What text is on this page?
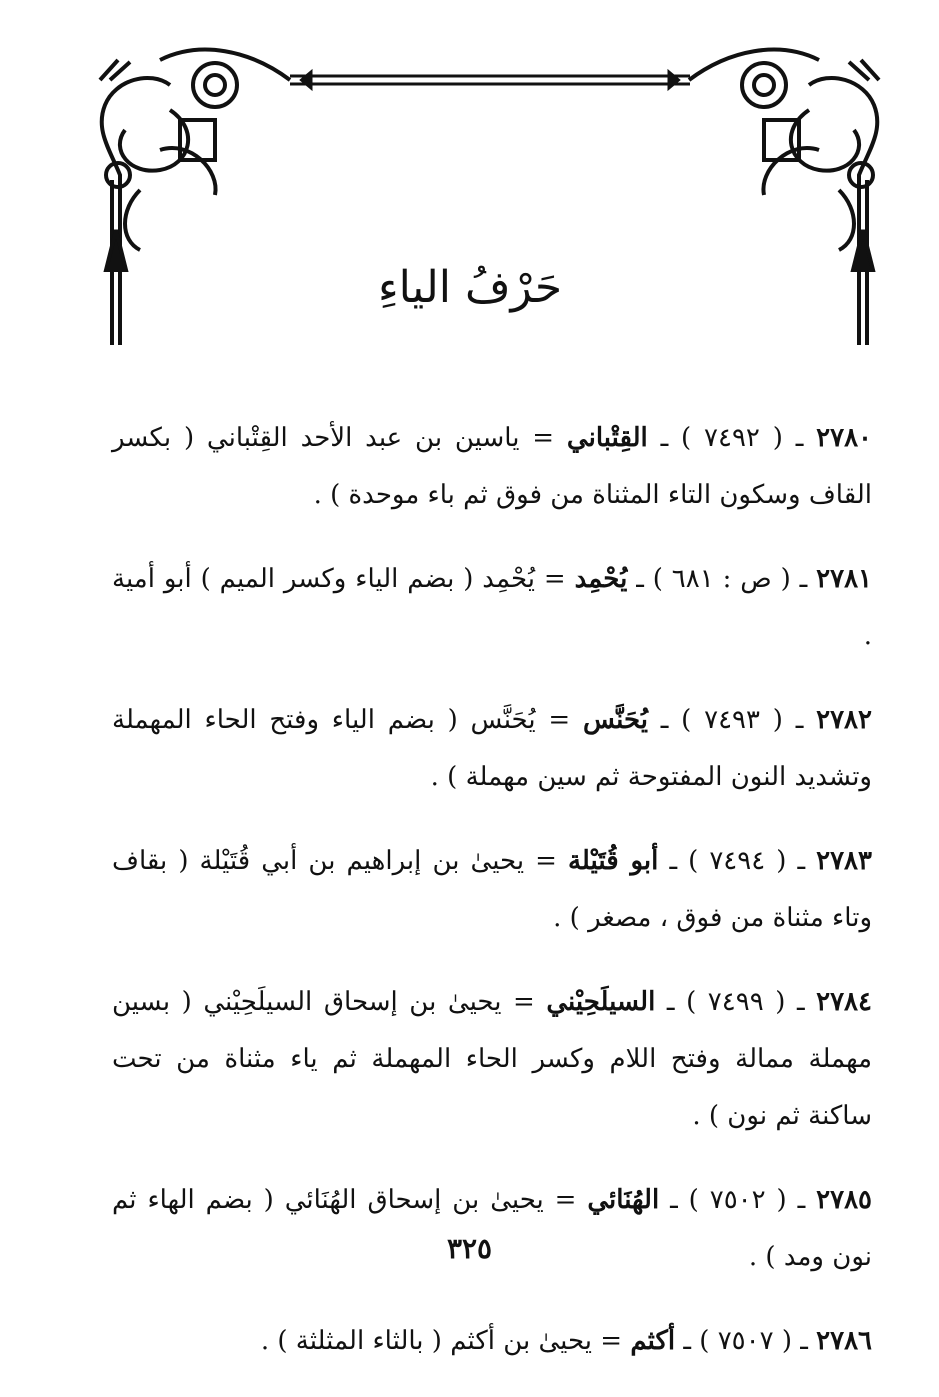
حَرْفُ الياءِ

٢٧٨٠ ـ ( ٧٤٩٢ ) ـ القِتْباني = ياسين بن عبد الأحد القِتْباني ( بكسر القاف وسكون التاء المثناة من فوق ثم باء موحدة ) .

٢٧٨١ ـ ( ص : ٦٨١ ) ـ يُحْمِد = يُحْمِد ( بضم الياء وكسر الميم ) أبو أمية .

٢٧٨٢ ـ ( ٧٤٩٣ ) ـ يُحَنَّس = يُحَنَّس ( بضم الياء وفتح الحاء المهملة وتشديد النون المفتوحة ثم سين مهملة ) .

٢٧٨٣ ـ ( ٧٤٩٤ ) ـ أبو قُتَيْلة = يحيىٰ بن إبراهيم بن أبي قُتَيْلة ( بقاف وتاء مثناة من فوق ، مصغر ) .

٢٧٨٤ ـ ( ٧٤٩٩ ) ـ السيلَحِيْني = يحيىٰ بن إسحاق السيلَحِيْني ( بسين مهملة ممالة وفتح اللام وكسر الحاء المهملة ثم ياء مثناة من تحت ساكنة ثم نون ) .

٢٧٨٥ ـ ( ٧٥٠٢ ) ـ الهُنَائي = يحيىٰ بن إسحاق الهُنَائي ( بضم الهاء ثم نون ومد ) .

٢٧٨٦ ـ ( ٧٥٠٧ ) ـ أكثم = يحيىٰ بن أكثم ( بالثاء المثلثة ) .

٣٢٥
